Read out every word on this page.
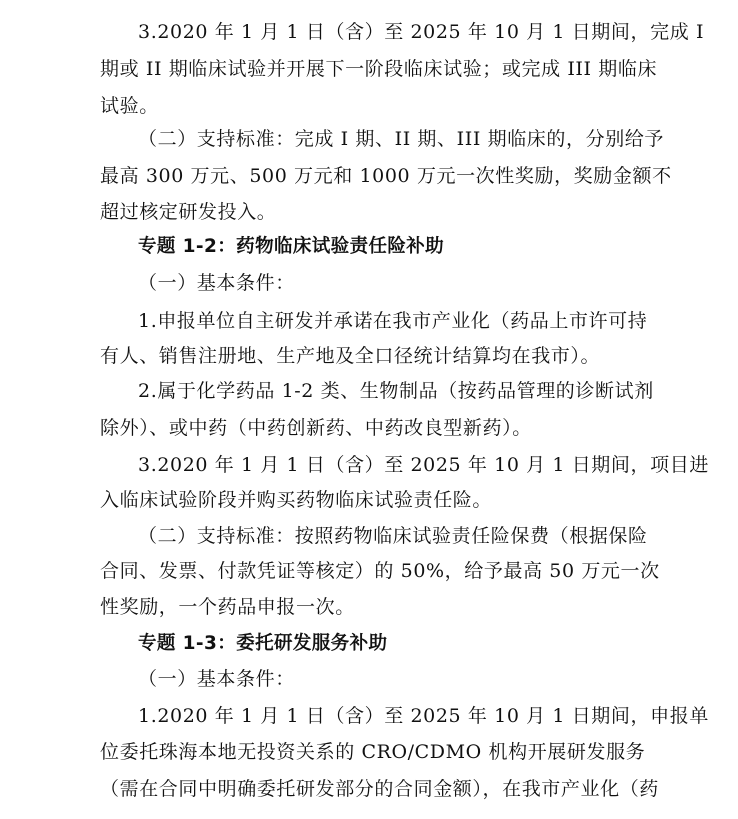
3.2020 年 1 月 1 日（含）至 2025 年 10 月 1 日期间，完成 I
期或 II 期临床试验并开展下一阶段临床试验；或完成 III 期临床
试验。
（二）支持标准：完成 I 期、II 期、III 期临床的，分别给予
最高 300 万元、500 万元和 1000 万元一次性奖励，奖励金额不
超过核定研发投入。
专题 1-2：药物临床试验责任险补助
（一）基本条件：
1.申报单位自主研发并承诺在我市产业化（药品上市许可持
有人、销售注册地、生产地及全口径统计结算均在我市）。
2.属于化学药品 1-2 类、生物制品（按药品管理的诊断试剂
除外）、或中药（中药创新药、中药改良型新药）。
3.2020 年 1 月 1 日（含）至 2025 年 10 月 1 日期间，项目进
入临床试验阶段并购买药物临床试验责任险。
（二）支持标准：按照药物临床试验责任险保费（根据保险
合同、发票、付款凭证等核定）的 50%，给予最高 50 万元一次
性奖励，一个药品申报一次。
专题 1-3：委托研发服务补助
（一）基本条件：
1.2020 年 1 月 1 日（含）至 2025 年 10 月 1 日期间，申报单
位委托珠海本地无投资关系的 CRO/CDMO 机构开展研发服务
（需在合同中明确委托研发部分的合同金额），在我市产业化（药
